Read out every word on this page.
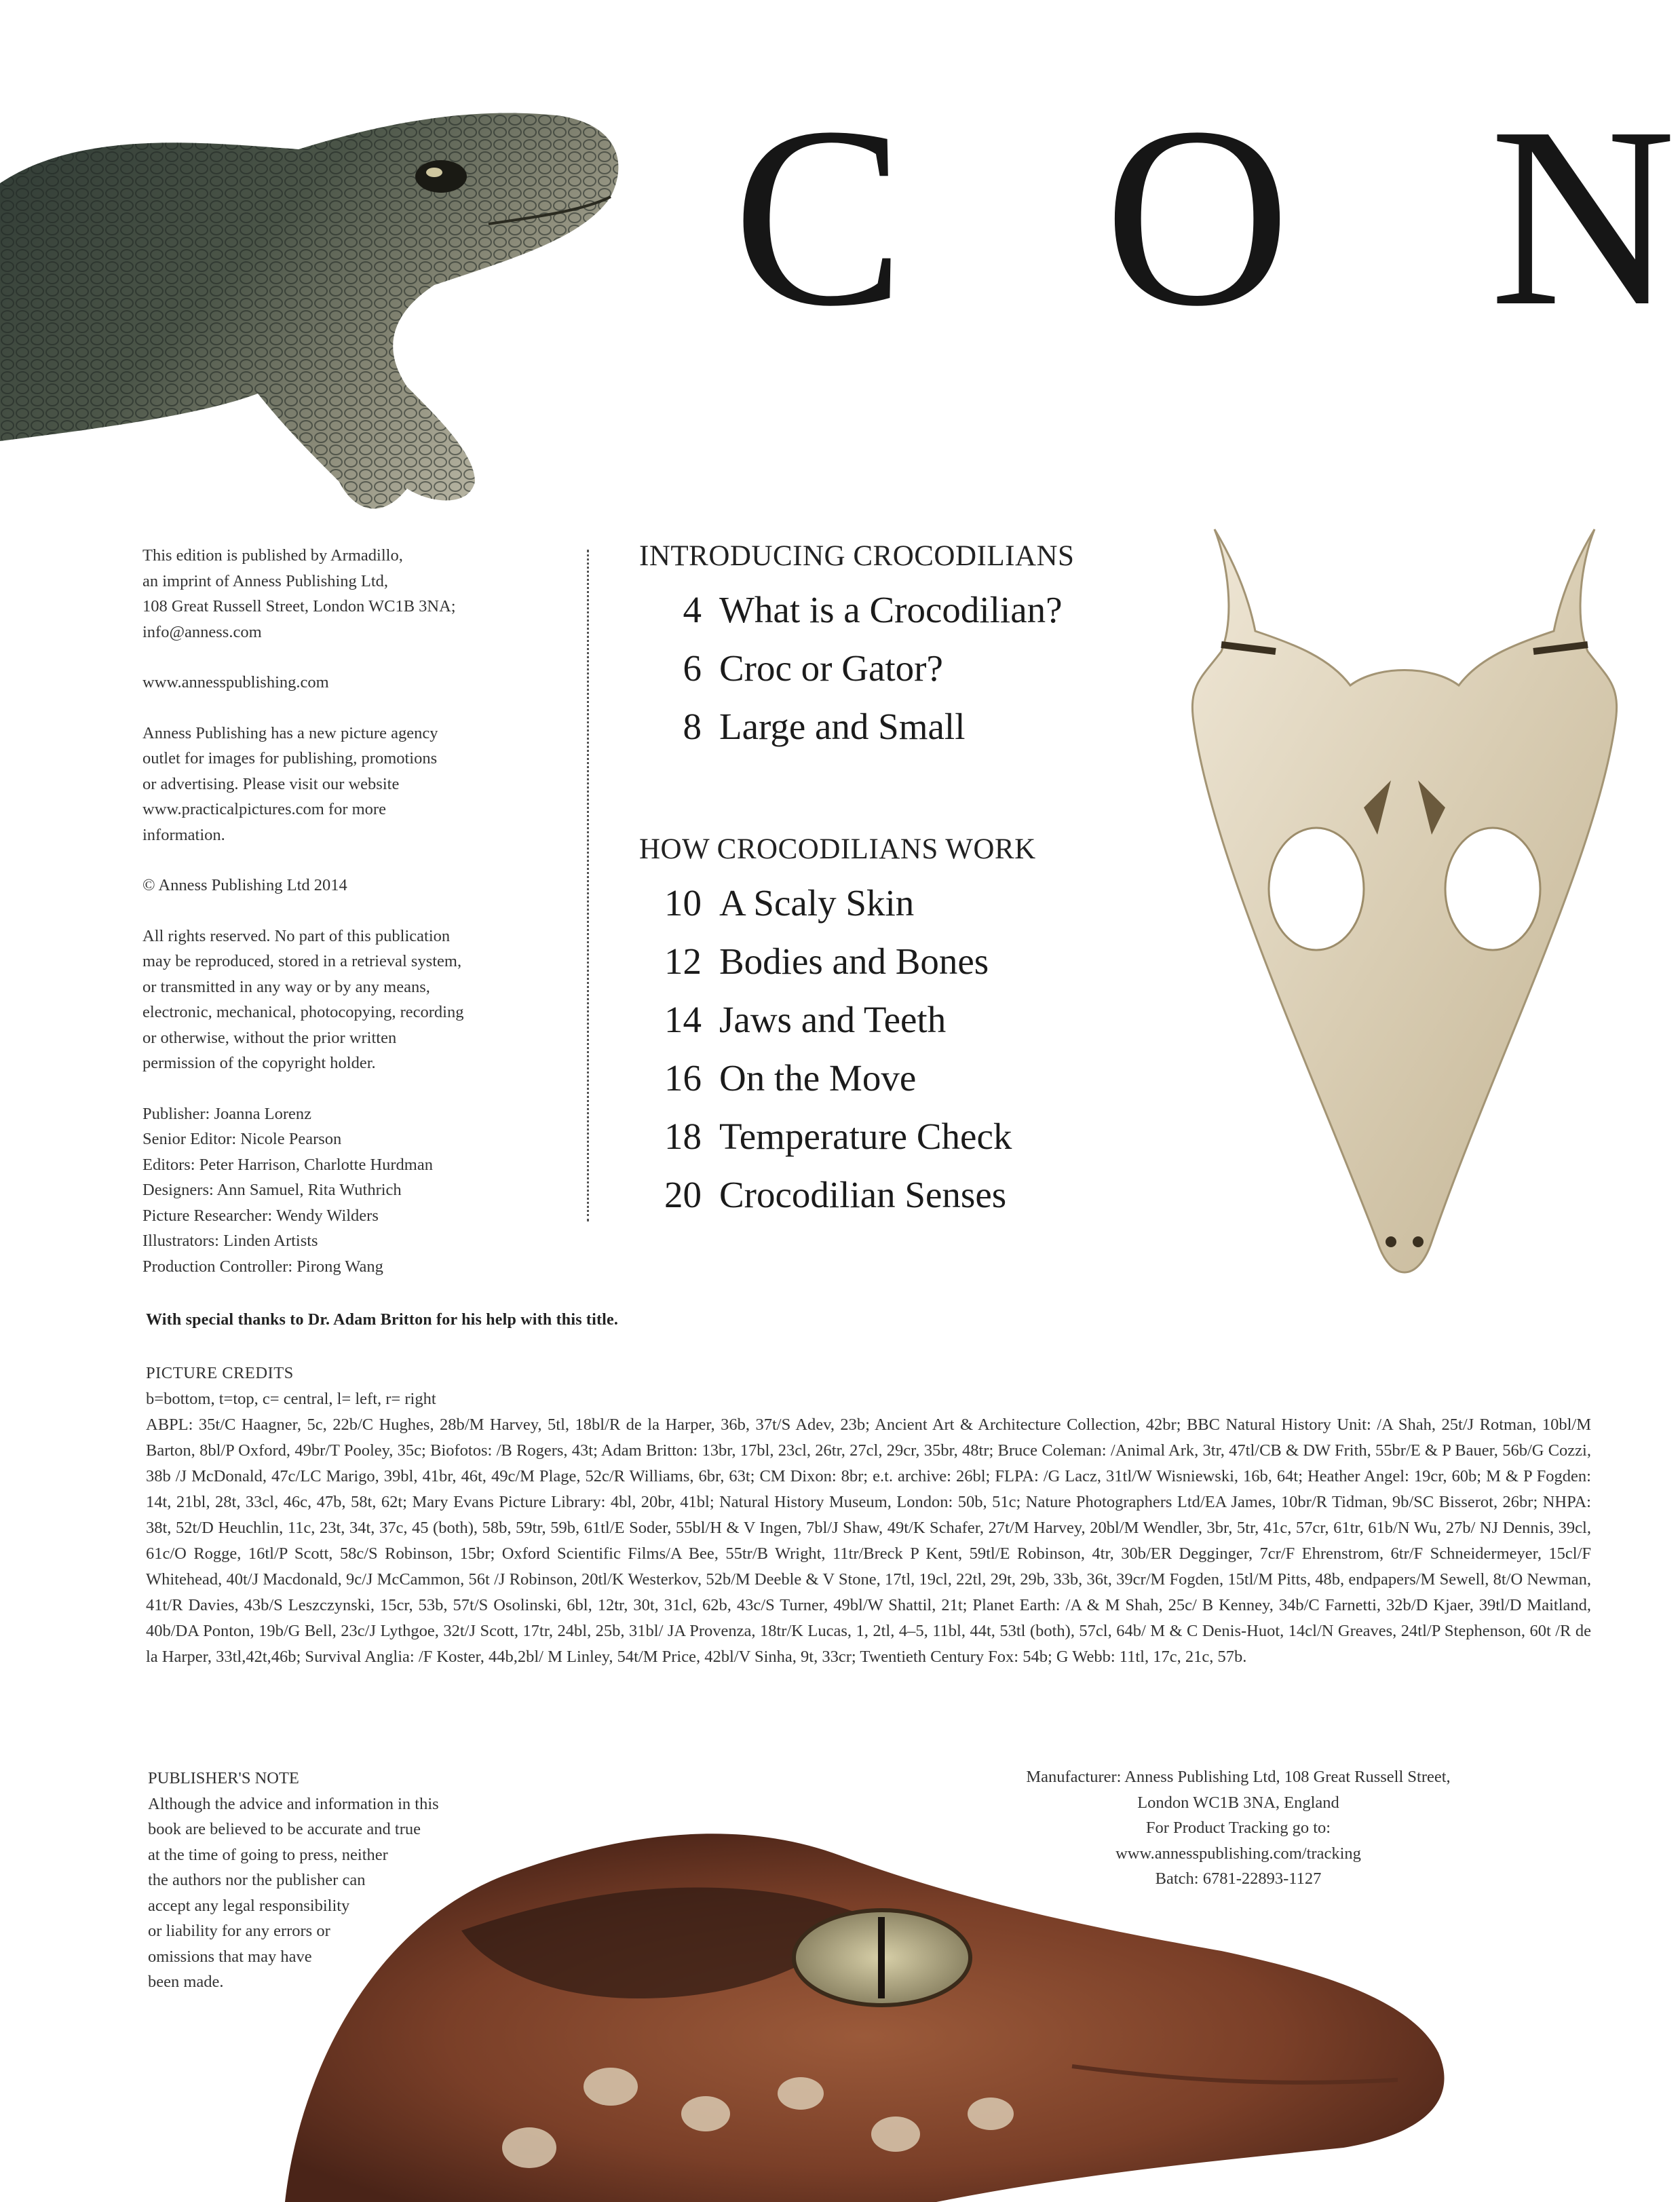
C O N

This edition is published by Armadillo,
an imprint of Anness Publishing Ltd,
108 Great Russell Street, London WC1B 3NA;
info@anness.com

www.annesspublishing.com

Anness Publishing has a new picture agency
outlet for images for publishing, promotions
or advertising. Please visit our website
www.practicalpictures.com for more
information.

© Anness Publishing Ltd 2014

All rights reserved. No part of this publication
may be reproduced, stored in a retrieval system,
or transmitted in any way or by any means,
electronic, mechanical, photocopying, recording
or otherwise, without the prior written
permission of the copyright holder.

Publisher: Joanna Lorenz
Senior Editor: Nicole Pearson
Editors: Peter Harrison, Charlotte Hurdman
Designers: Ann Samuel, Rita Wuthrich
Picture Researcher: Wendy Wilders
Illustrators: Linden Artists
Production Controller: Pirong Wang
INTRODUCING CROCODILIANS
4 What is a Crocodilian?
6 Croc or Gator?
8 Large and Small
HOW CROCODILIANS WORK
10 A Scaly Skin
12 Bodies and Bones
14 Jaws and Teeth
16 On the Move
18 Temperature Check
20 Crocodilian Senses
With special thanks to Dr. Adam Britton for his help with this title.
PICTURE CREDITS
b=bottom, t=top, c= central, l= left, r= right
ABPL: 35t/C Haagner, 5c, 22b/C Hughes, 28b/M Harvey, 5tl, 18bl/R de la Harper, 36b, 37t/S Adev, 23b; Ancient Art & Architecture Collection, 42br; BBC Natural History Unit: /A Shah, 25t/J Rotman, 10bl/M Barton, 8bl/P Oxford, 49br/T Pooley, 35c; Biofotos: /B Rogers, 43t; Adam Britton: 13br, 17bl, 23cl, 26tr, 27cl, 29cr, 35br, 48tr; Bruce Coleman: /Animal Ark, 3tr, 47tl/CB & DW Frith, 55br/E & P Bauer, 56b/G Cozzi, 38b /J McDonald, 47c/LC Marigo, 39bl, 41br, 46t, 49c/M Plage, 52c/R Williams, 6br, 63t; CM Dixon: 8br; e.t. archive: 26bl; FLPA: /G Lacz, 31tl/W Wisniewski, 16b, 64t; Heather Angel: 19cr, 60b; M & P Fogden: 14t, 21bl, 28t, 33cl, 46c, 47b, 58t, 62t; Mary Evans Picture Library: 4bl, 20br, 41bl; Natural History Museum, London: 50b, 51c; Nature Photographers Ltd/EA James, 10br/R Tidman, 9b/SC Bisserot, 26br; NHPA: 38t, 52t/D Heuchlin, 11c, 23t, 34t, 37c, 45 (both), 58b, 59tr, 59b, 61tl/E Soder, 55bl/H & V Ingen, 7bl/J Shaw, 49t/K Schafer, 27t/M Harvey, 20bl/M Wendler, 3br, 5tr, 41c, 57cr, 61tr, 61b/N Wu, 27b/ NJ Dennis, 39cl, 61c/O Rogge, 16tl/P Scott, 58c/S Robinson, 15br; Oxford Scientific Films/A Bee, 55tr/B Wright, 11tr/Breck P Kent, 59tl/E Robinson, 4tr, 30b/ER Degginger, 7cr/F Ehrenstrom, 6tr/F Schneidermeyer, 15cl/F Whitehead, 40t/J Macdonald, 9c/J McCammon, 56t /J Robinson, 20tl/K Westerkov, 52b/M Deeble & V Stone, 17tl, 19cl, 22tl, 29t, 29b, 33b, 36t, 39cr/M Fogden, 15tl/M Pitts, 48b, endpapers/M Sewell, 8t/O Newman, 41t/R Davies, 43b/S Leszczynski, 15cr, 53b, 57t/S Osolinski, 6bl, 12tr, 30t, 31cl, 62b, 43c/S Turner, 49bl/W Shattil, 21t; Planet Earth: /A & M Shah, 25c/ B Kenney, 34b/C Farnetti, 32b/D Kjaer, 39tl/D Maitland, 40b/DA Ponton, 19b/G Bell, 23c/J Lythgoe, 32t/J Scott, 17tr, 24bl, 25b, 31bl/ JA Provenza, 18tr/K Lucas, 1, 2tl, 4–5, 11bl, 44t, 53tl (both), 57cl, 64b/ M & C Denis-Huot, 14cl/N Greaves, 24tl/P Stephenson, 60t /R de la Harper, 33tl,42t,46b; Survival Anglia: /F Koster, 44b,2bl/ M Linley, 54t/M Price, 42bl/V Sinha, 9t, 33cr; Twentieth Century Fox: 54b; G Webb: 11tl, 17c, 21c, 57b.
PUBLISHER'S NOTE
Although the advice and information in this
book are believed to be accurate and true
at the time of going to press, neither
the authors nor the publisher can
accept any legal responsibility
or liability for any errors or
omissions that may have
been made.
Manufacturer: Anness Publishing Ltd, 108 Great Russell Street,
London WC1B 3NA, England
For Product Tracking go to:
www.annesspublishing.com/tracking
Batch: 6781-22893-1127
